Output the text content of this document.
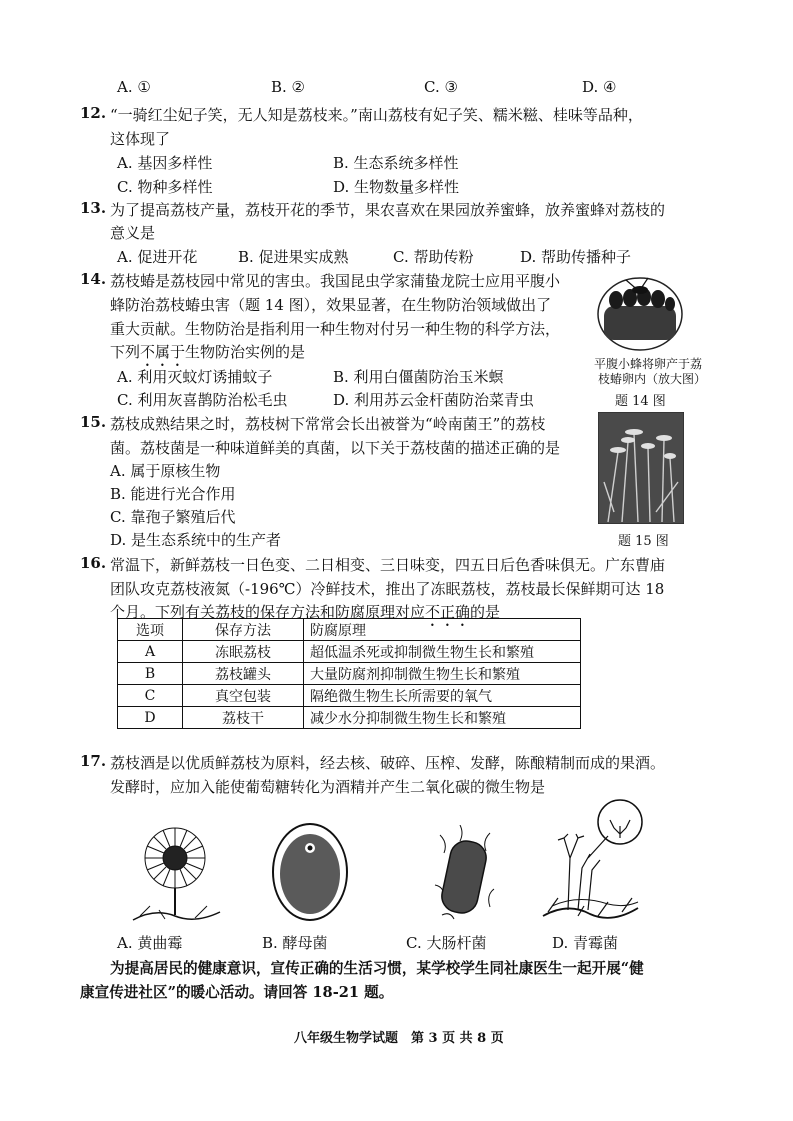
A. ①	B. ②	C. ③	D. ④
12. “一骑红尘妃子笑，无人知是荔枝来。”南山荔枝有妃子笑、糯米糍、桂味等品种，
这体现了
A. 基因多样性	B. 生态系统多样性
C. 物种多样性	D. 生物数量多样性
13. 为了提高荔枝产量，荔枝开花的季节，果农喜欢在果园放养蜜蜂，放养蜜蜂对荔枝的
意义是
A. 促进开花	B. 促进果实成熟	C. 帮助传粉	D. 帮助传播种子
14. 荔枝蝽是荔枝园中常见的害虫。我国昆虫学家蒲蛰龙院士应用平腹小
蜂防治荔枝蝽虫害（题 14 图），效果显著，在生物防治领域做出了
重大贡献。生物防治是指利用一种生物对付另一种生物的科学方法，
下列不属于生物防治实例的是
A. 利用灭蚊灯诱捕蚊子	B. 利用白僵菌防治玉米螟
C. 利用灰喜鹊防治松毛虫	D. 利用苏云金杆菌防治菜青虫
平腹小蜂将卵产于荔
枝蝽卵内（放大图）
题 14 图
15. 荔枝成熟结果之时，荔枝树下常常会长出被誉为“岭南菌王”的荔枝
菌。荔枝菌是一种味道鲜美的真菌，以下关于荔枝菌的描述正确的是
A. 属于原核生物
B. 能进行光合作用
C. 靠孢子繁殖后代
D. 是生态系统中的生产者	题 15 图
16. 常温下，新鲜荔枝一日色变、二日相变、三日味变，四五日后色香味俱无。广东曹庙
团队攻克荔枝液氮（-196℃）冷鲜技术，推出了冻眠荔枝，荔枝最长保鲜期可达 18
个月。下列有关荔枝的保存方法和防腐原理对应不正确的是
选项	保存方法	防腐原理
A	冻眠荔枝	超低温杀死或抑制微生物生长和繁殖
B	荔枝罐头	大量防腐剂抑制微生物生长和繁殖
C	真空包装	隔绝微生物生长所需要的氧气
D	荔枝干	减少水分抑制微生物生长和繁殖
17. 荔枝酒是以优质鲜荔枝为原料，经去核、破碎、压榨、发酵，陈酿精制而成的果酒。
发酵时，应加入能使葡萄糖转化为酒精并产生二氧化碳的微生物是
A. 黄曲霉	B. 酵母菌	C. 大肠杆菌	D. 青霉菌
为提高居民的健康意识，宣传正确的生活习惯，某学校学生同社康医生一起开展“健
康宣传进社区”的暖心活动。请回答 18-21 题。
八年级生物学试题　第 3 页 共 8 页
